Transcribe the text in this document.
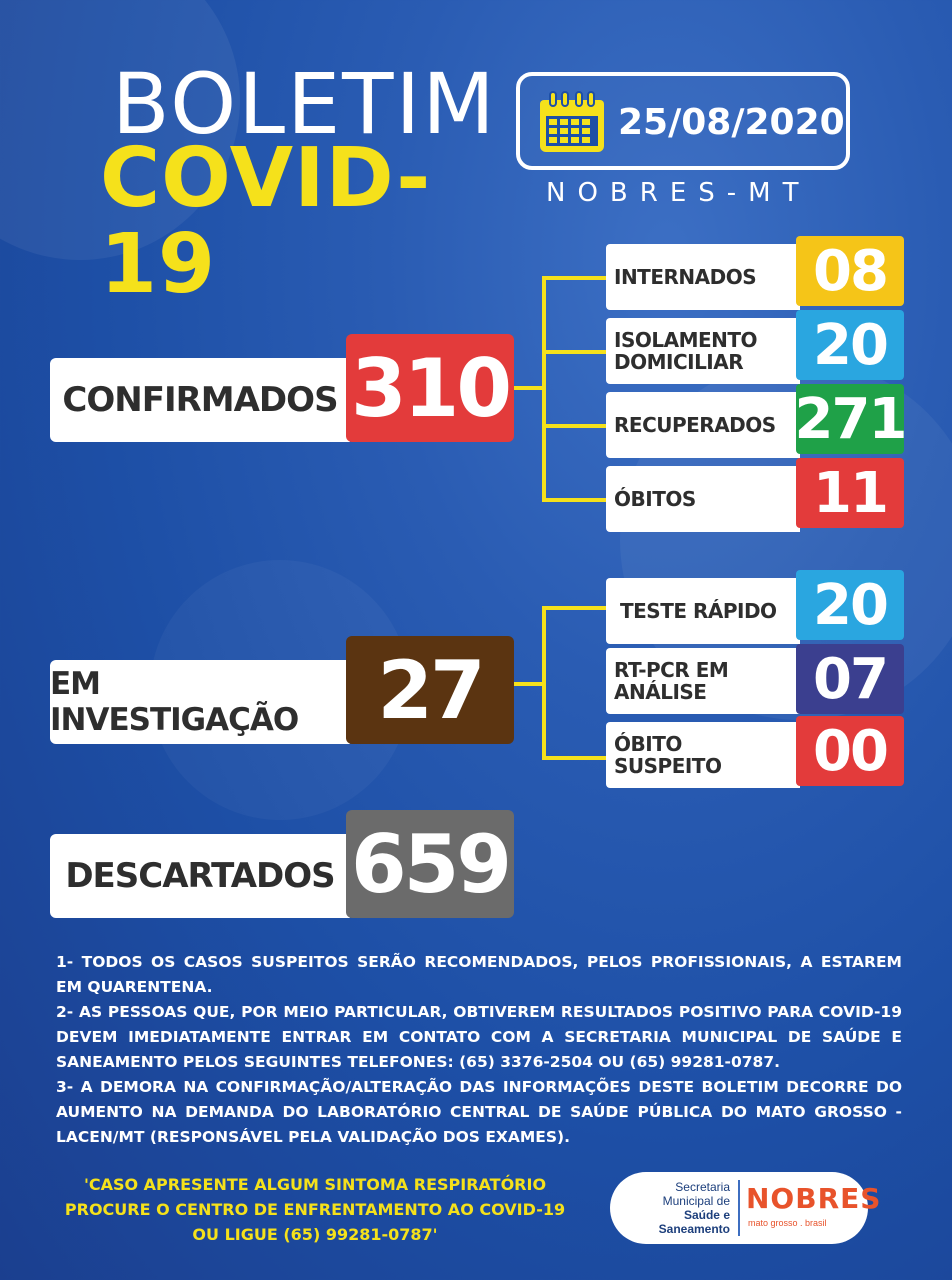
BOLETIM
COVID-19
25/08/2020
NOBRES-MT
CONFIRMADOS 310
INTERNADOS	08
ISOLAMENTO
DOMICILIAR	20
RECUPERADOS 271
ÓBITOS	11
EM INVESTIGAÇÃO 27
TESTE RÁPIDO 20
RT-PCR EM
ANÁLISE	07
ÓBITO
SUSPEITO	00
DESCARTADOS 659

1- TODOS OS CASOS SUSPEITOS SERÃO RECOMENDADOS, PELOS PROFISSIONAIS, A ESTAREM EM QUARENTENA.

2- AS PESSOAS QUE, POR MEIO PARTICULAR, OBTIVEREM RESULTADOS POSITIVO PARA COVID-19 DEVEM IMEDIATAMENTE ENTRAR EM CONTATO COM A SECRETARIA MUNICIPAL DE SAÚDE E SANEAMENTO PELOS SEGUINTES TELEFONES: (65) 3376-2504 OU (65) 99281-0787.

3- A DEMORA NA CONFIRMAÇÃO/ALTERAÇÃO DAS INFORMAÇÕES DESTE BOLETIM DECORRE DO AUMENTO NA DEMANDA DO LABORATÓRIO CENTRAL DE SAÚDE PÚBLICA DO MATO GROSSO - LACEN/MT (RESPONSÁVEL PELA VALIDAÇÃO DOS EXAMES).

'CASO APRESENTE ALGUM SINTOMA RESPIRATÓRIO
PROCURE O CENTRO DE ENFRENTAMENTO AO COVID-19
OU LIGUE (65) 99281-0787'
Secretaria
Municipal de
Saúde e
Saneamento
NOBRES
mato grosso . brasil
